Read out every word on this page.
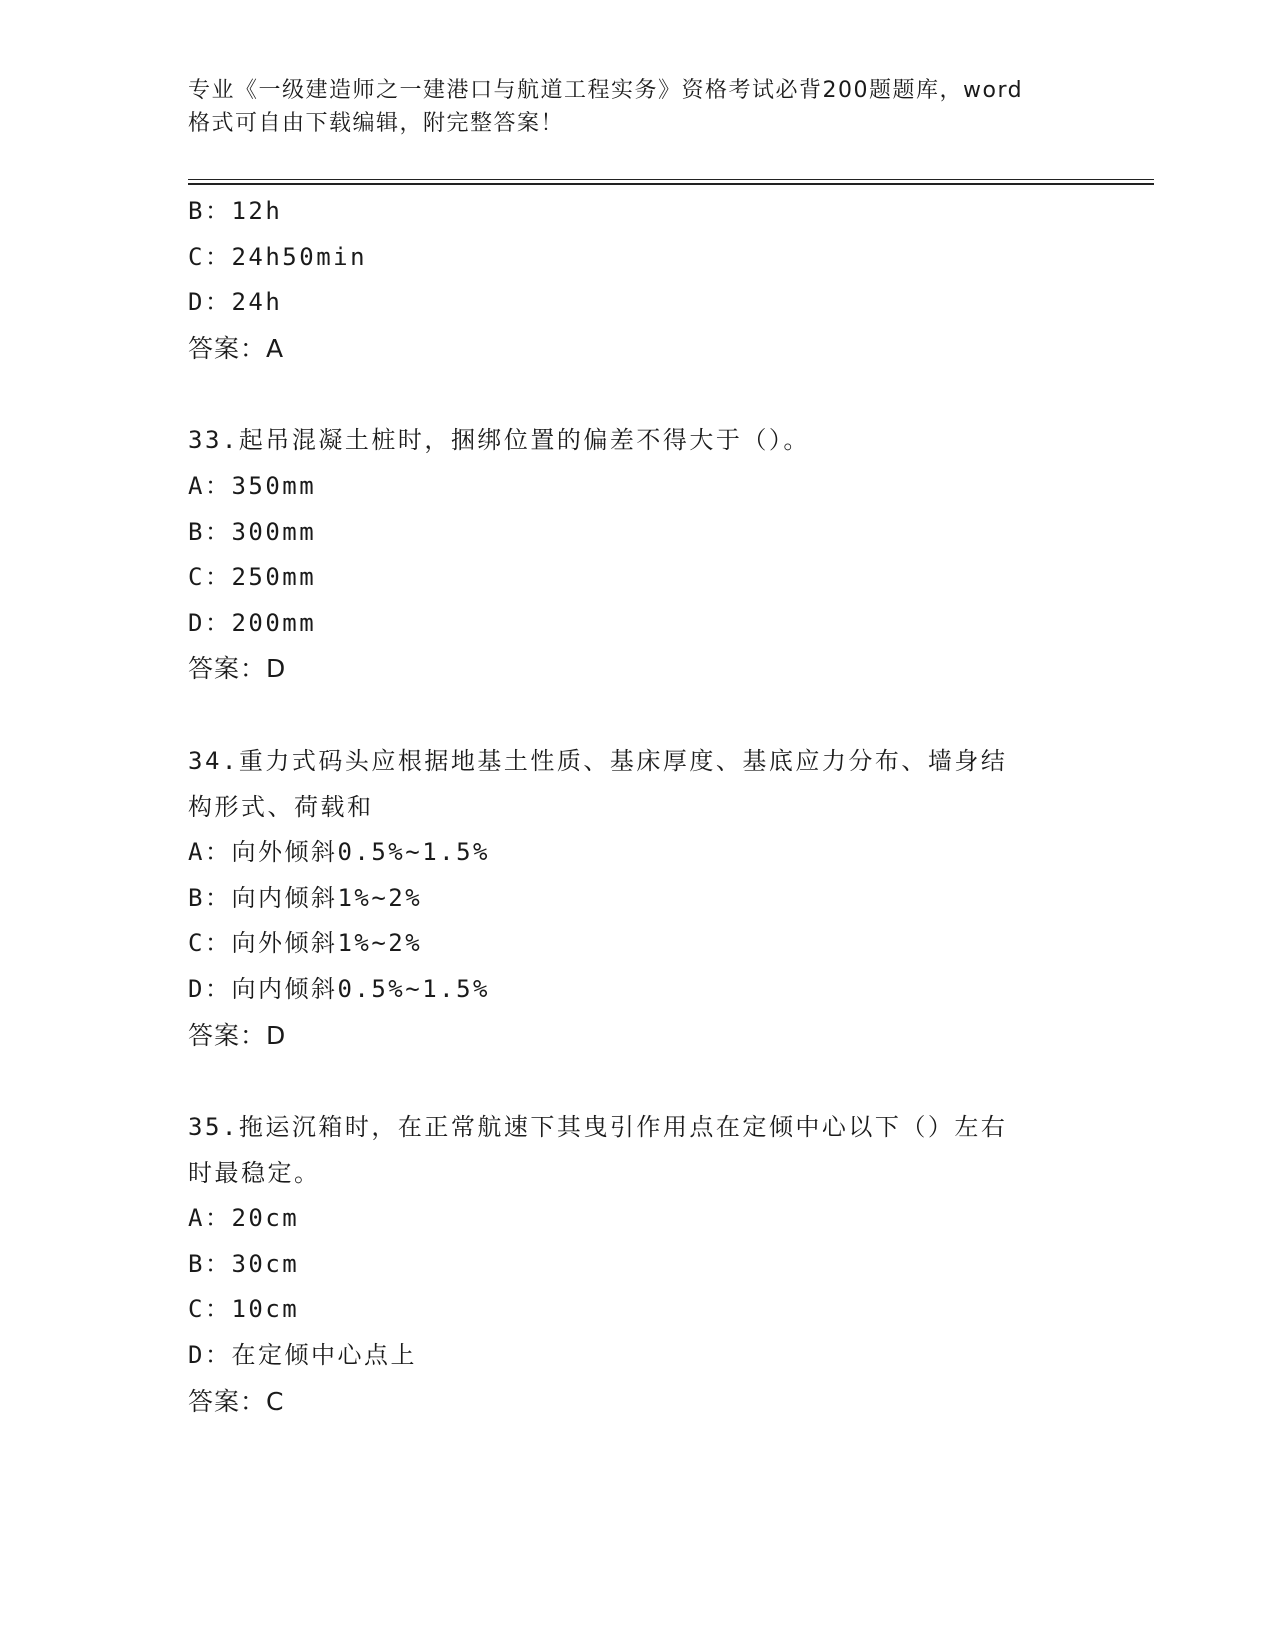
专业《一级建造师之一建港口与航道工程实务》资格考试必背200题题库，word
格式可自由下载编辑，附完整答案！
B：12h
C：24h50min
D：24h
答案：A
33.起吊混凝土桩时，捆绑位置的偏差不得大于（）。
A：350mm
B：300mm
C：250mm
D：200mm
答案：D
34.重力式码头应根据地基土性质、基床厚度、基底应力分布、墙身结
构形式、荷载和
A：向外倾斜0.5%~1.5%
B：向内倾斜1%~2%
C：向外倾斜1%~2%
D：向内倾斜0.5%~1.5%
答案：D
35.拖运沉箱时，在正常航速下其曳引作用点在定倾中心以下（）左右
时最稳定。
A：20cm
B：30cm
C：10cm
D：在定倾中心点上
答案：C
